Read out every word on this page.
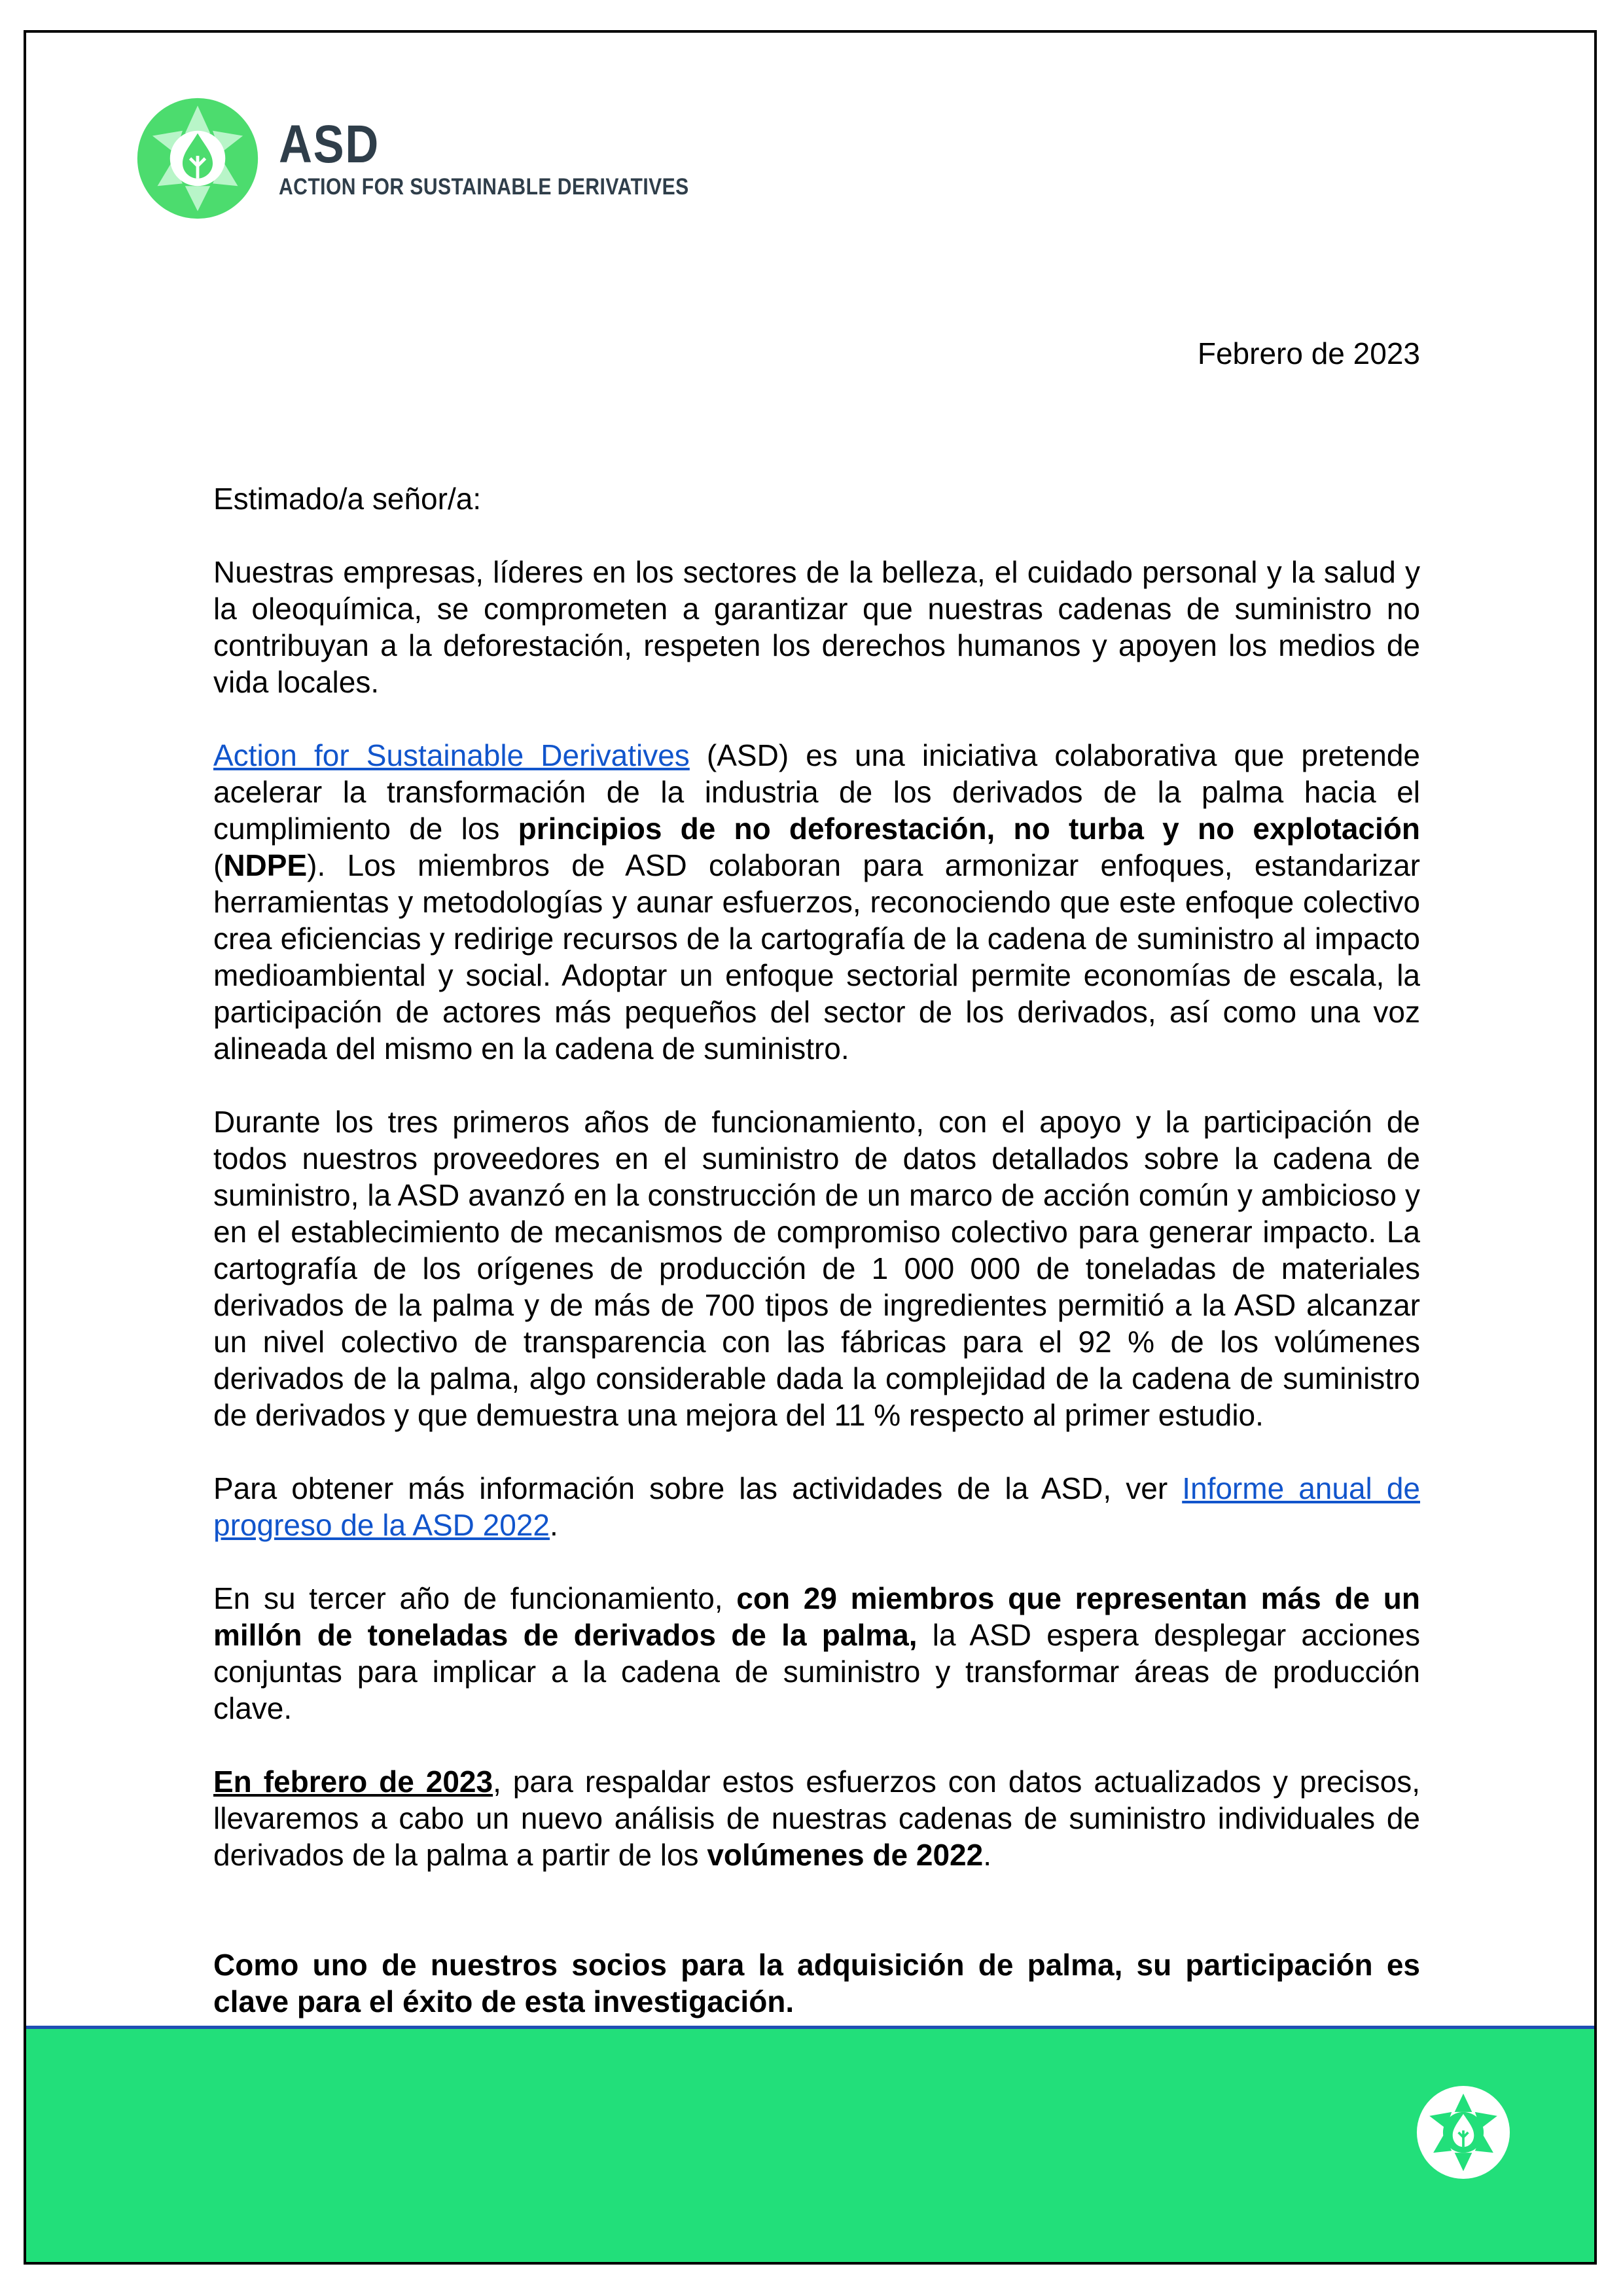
ASD
ACTION FOR SUSTAINABLE DERIVATIVES
Febrero de 2023

Estimado/a señor/a:

Nuestras empresas, líderes en los sectores de la belleza, el cuidado personal y la salud y la oleoquímica, se comprometen a garantizar que nuestras cadenas de suministro no contribuyan a la deforestación, respeten los derechos humanos y apoyen los medios de vida locales.

Action for Sustainable Derivatives (ASD) es una iniciativa colaborativa que pretende acelerar la transformación de la industria de los derivados de la palma hacia el cumplimiento de los principios de no deforestación, no turba y no explotación (NDPE). Los miembros de ASD colaboran para armonizar enfoques, estandarizar herramientas y metodologías y aunar esfuerzos, reconociendo que este enfoque colectivo crea eficiencias y redirige recursos de la cartografía de la cadena de suministro al impacto medioambiental y social. Adoptar un enfoque sectorial permite economías de escala, la participación de actores más pequeños del sector de los derivados, así como una voz alineada del mismo en la cadena de suministro.

Durante los tres primeros años de funcionamiento, con el apoyo y la participación de todos nuestros proveedores en el suministro de datos detallados sobre la cadena de suministro, la ASD avanzó en la construcción de un marco de acción común y ambicioso y en el establecimiento de mecanismos de compromiso colectivo para generar impacto. La cartografía de los orígenes de producción de 1 000 000 de toneladas de materiales derivados de la palma y de más de 700 tipos de ingredientes permitió a la ASD alcanzar un nivel colectivo de transparencia con las fábricas para el 92 % de los volúmenes derivados de la palma, algo considerable dada la complejidad de la cadena de suministro de derivados y que demuestra una mejora del 11 % respecto al primer estudio.

Para obtener más información sobre las actividades de la ASD, ver Informe anual de progreso de la ASD 2022.

En su tercer año de funcionamiento, con 29 miembros que representan más de un millón de toneladas de derivados de la palma, la ASD espera desplegar acciones conjuntas para implicar a la cadena de suministro y transformar áreas de producción clave.

En febrero de 2023, para respaldar estos esfuerzos con datos actualizados y precisos, llevaremos a cabo un nuevo análisis de nuestras cadenas de suministro individuales de derivados de la palma a partir de los volúmenes de 2022.

Como uno de nuestros socios para la adquisición de palma, su participación es clave para el éxito de esta investigación.
